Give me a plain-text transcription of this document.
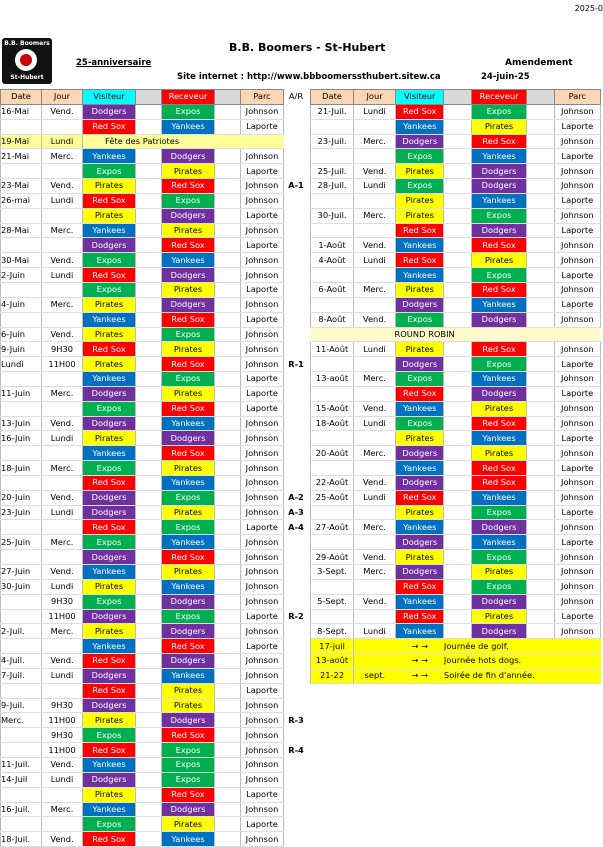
2025-0
B.B. Boomers
St-Hubert
B.B. Boomers - St-Hubert
25-anniversaire	Amendement
Site internet : http://www.bbboomerssthubert.sitew.ca	24-juin-25
Date	Jour	Visiteur		Receveur		Parc	A/R
16-Mai	Vend.	Dodgers		Expos		Johnson	
		Red Sox		Yankees		Laporte	
19-Mai	Lundi	Fête des Patriotes					
21-Mai	Merc.	Yankees		Dodgers		Johnson	
		Expos		Pirates		Laporte	
23-Mai	Vend.	Pirates		Red Sox		Johnson	A-1
26-mai	Lundi	Red Sox		Expos		Johnson	
		Pirates		Dodgers		Laporte	
28-Mai	Merc.	Yankees		Pirates		Johnson	
		Dodgers		Red Sox		Laporte	
30-Mai	Vend.	Expos		Yankees		Johnson	
2-Juin	Lundi	Red Sox		Dodgers		Johnson	
		Expos		Pirates		Laporte	
4-Juin	Merc.	Pirates		Dodgers		Johnson	
		Yankees		Red Sox		Laporte	
6-Juin	Vend.	Pirates		Expos		Johnson	
9-Juin	9H30	Red Sox		Pirates		Johnson	
Lundi	11H00	Pirates		Red Sox		Johnson	R-1
		Yankees		Expos		Laporte	
11-Juin	Merc.	Dodgers		Pirates		Laporte	
		Expos		Red Sox		Laporte	
13-Juin	Vend.	Dodgers		Yankees		Johnson	
16-Juin	Lundi	Pirates		Dodgers		Johnson	
		Yankees		Red Sox		Johnson	
18-Juin	Merc.	Expos		Pirates		Johnson	
		Red Sox		Yankees		Johnson	
20-Juin	Vend.	Dodgers		Expos		Johnson	A-2
23-Juin	Lundi	Dodgers		Pirates		Johnson	A-3
		Red Sox		Expos		Laporte	A-4
25-Juin	Merc.	Expos		Yankees		Johnson	
		Dodgers		Red Sox		Johnson	
27-Juin	Vend.	Yankees		Pirates		Johnson	
30-Juin	Lundi	Pirates		Yankees		Johnson	
	9H30	Expos		Dodgers		Johnson	
	11H00	Dodgers		Expos		Laporte	R-2
2-Juil.	Merc.	Pirates		Dodgers		Johnson	
		Yankees		Red Sox		Laporte	
4-Juil.	Vend.	Red Sox		Dodgers		Johnson	
7-Juil.	Lundi	Dodgers		Yankees		Johnson	
		Red Sox		Pirates		Laporte	
9-Juil.	9H30	Dodgers		Pirates		Johnson	
Merc.	11H00	Pirates		Dodgers		Johnson	R-3
	9H30	Expos		Red Sox		Johnson	
	11H00	Red Sox		Expos		Johnson	R-4
11-Juil.	Vend.	Yankees		Expos		Johnson	
14-Juil	Lundi	Dodgers		Expos		Johnson	
		Pirates		Red Sox		Laporte	
16-Juil.	Merc.	Yankees		Dodgers		Johnson	
		Expos		Pirates		Laporte	
18-Juil.	Vend.	Red Sox		Yankees		Johnson	
Date	Jour	Visiteur		Receveur		Parc
21-Juil.	Lundi	Red Sox		Expos		Johnson
		Yankees		Pirates		Laporte
23-Juil.	Merc.	Dodgers		Red Sox		Johnson
		Expos		Yankees		Laporte
25-Juil.	Vend.	Pirates		Dodgers		Johnson
28-Juil.	Lundi	Expos		Dodgers		Johnson
		Pirates		Yankees		Laporte
30-Juil.	Merc.	Pirates		Expos		Johnson
		Red Sox		Dodgers		Laporte
1-Août	Vend.	Yankees		Red Sox		Johnson
4-Août	Lundi	Red Sox		Pirates		Johnson
		Yankees		Expos		Laporte
6-Août	Merc.	Pirates		Red Sox		Johnson
		Dodgers		Yankees		Laporte
8-Août	Vend.	Expos		Dodgers		Johnson
ROUND ROBIN						
11-Août	Lundi	Pirates		Red Sox		Johnson
		Dodgers		Expos		Laporte
13-août	Merc.	Expos		Yankees		Johnson
		Red Sox		Dodgers		Laporte
15-Août	Vend.	Yankees		Pirates		Johnson
18-Août	Lundi	Expos		Red Sox		Johnson
		Pirates		Yankees		Laporte
20-Août	Merc.	Dodgers		Pirates		Johnson
		Yankees		Red Sox		Laporte
22-Août	Vend.	Dodgers		Red Sox		Johnson
25-Août	Lundi	Red Sox		Yankees		Johnson
		Pirates		Expos		Laporte
27-Août	Merc.	Yankees		Dodgers		Johnson
		Dodgers		Yankees		Laporte
29-Août	Vend.	Pirates		Expos		Johnson
3-Sept.	Merc.	Dodgers		Pirates		Johnson
		Red Sox		Expos		Johnson
5-Sept.	Vend.	Yankees		Dodgers		Johnson
		Red Sox		Pirates		Laporte
8-Sept.	Lundi	Yankees		Dodgers		Johnson
17-juil		→ →	Journée de golf.			
13-août		→ →	Journée hots dogs.			
21-22	sept.	→ →	Soirée de fin d'année.			
